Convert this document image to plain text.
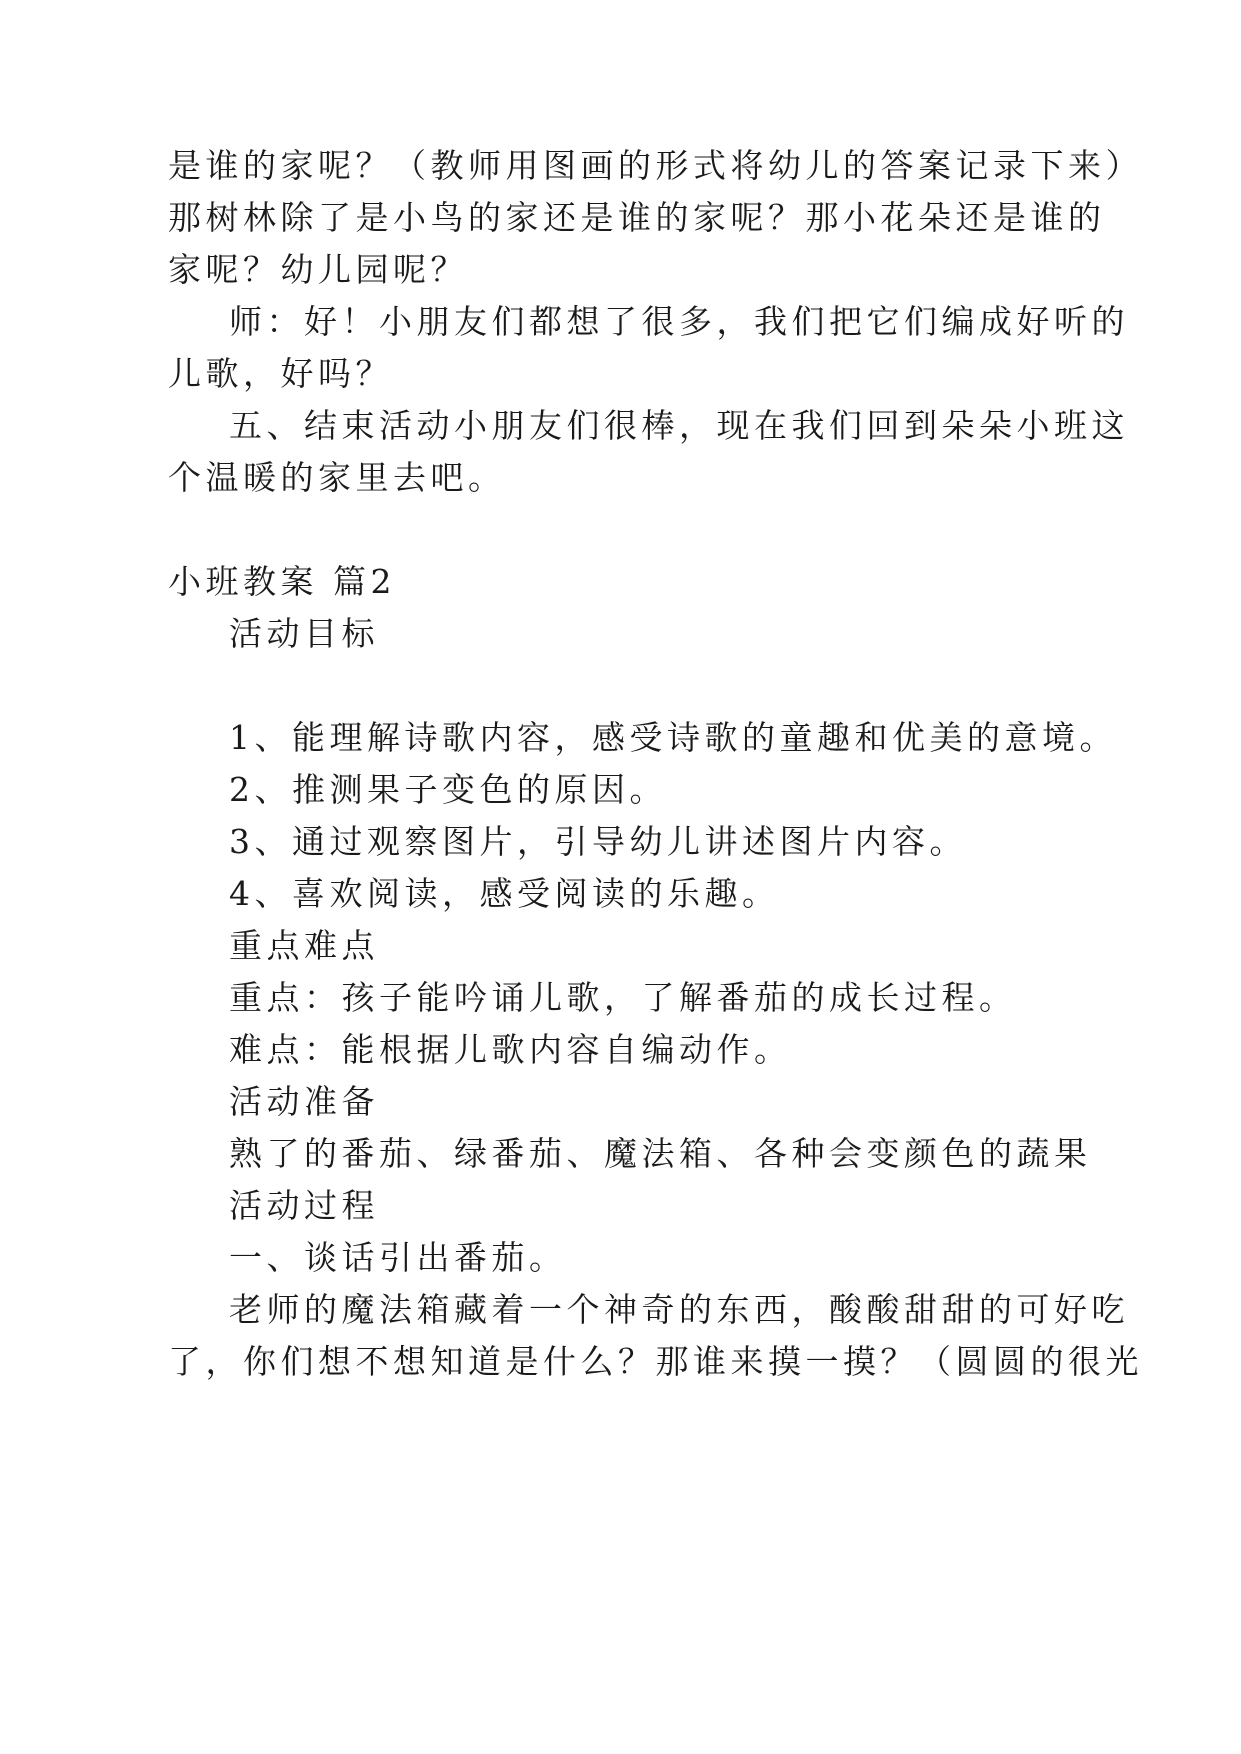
是谁的家呢？（教师用图画的形式将幼儿的答案记录下来）

那树林除了是小鸟的家还是谁的家呢？那小花朵还是谁的

家呢？幼儿园呢？

师：好！小朋友们都想了很多，我们把它们编成好听的

儿歌，好吗？

五、结束活动小朋友们很棒，现在我们回到朵朵小班这

个温暖的家里去吧。

小班教案 篇2

活动目标

1、能理解诗歌内容，感受诗歌的童趣和优美的意境。

2、推测果子变色的原因。

3、通过观察图片，引导幼儿讲述图片内容。

4、喜欢阅读，感受阅读的乐趣。

重点难点

重点：孩子能吟诵儿歌，了解番茄的成长过程。

难点：能根据儿歌内容自编动作。

活动准备

熟了的番茄、绿番茄、魔法箱、各种会变颜色的蔬果

活动过程

一、谈话引出番茄。

老师的魔法箱藏着一个神奇的东西，酸酸甜甜的可好吃

了，你们想不想知道是什么？那谁来摸一摸？（圆圆的很光
